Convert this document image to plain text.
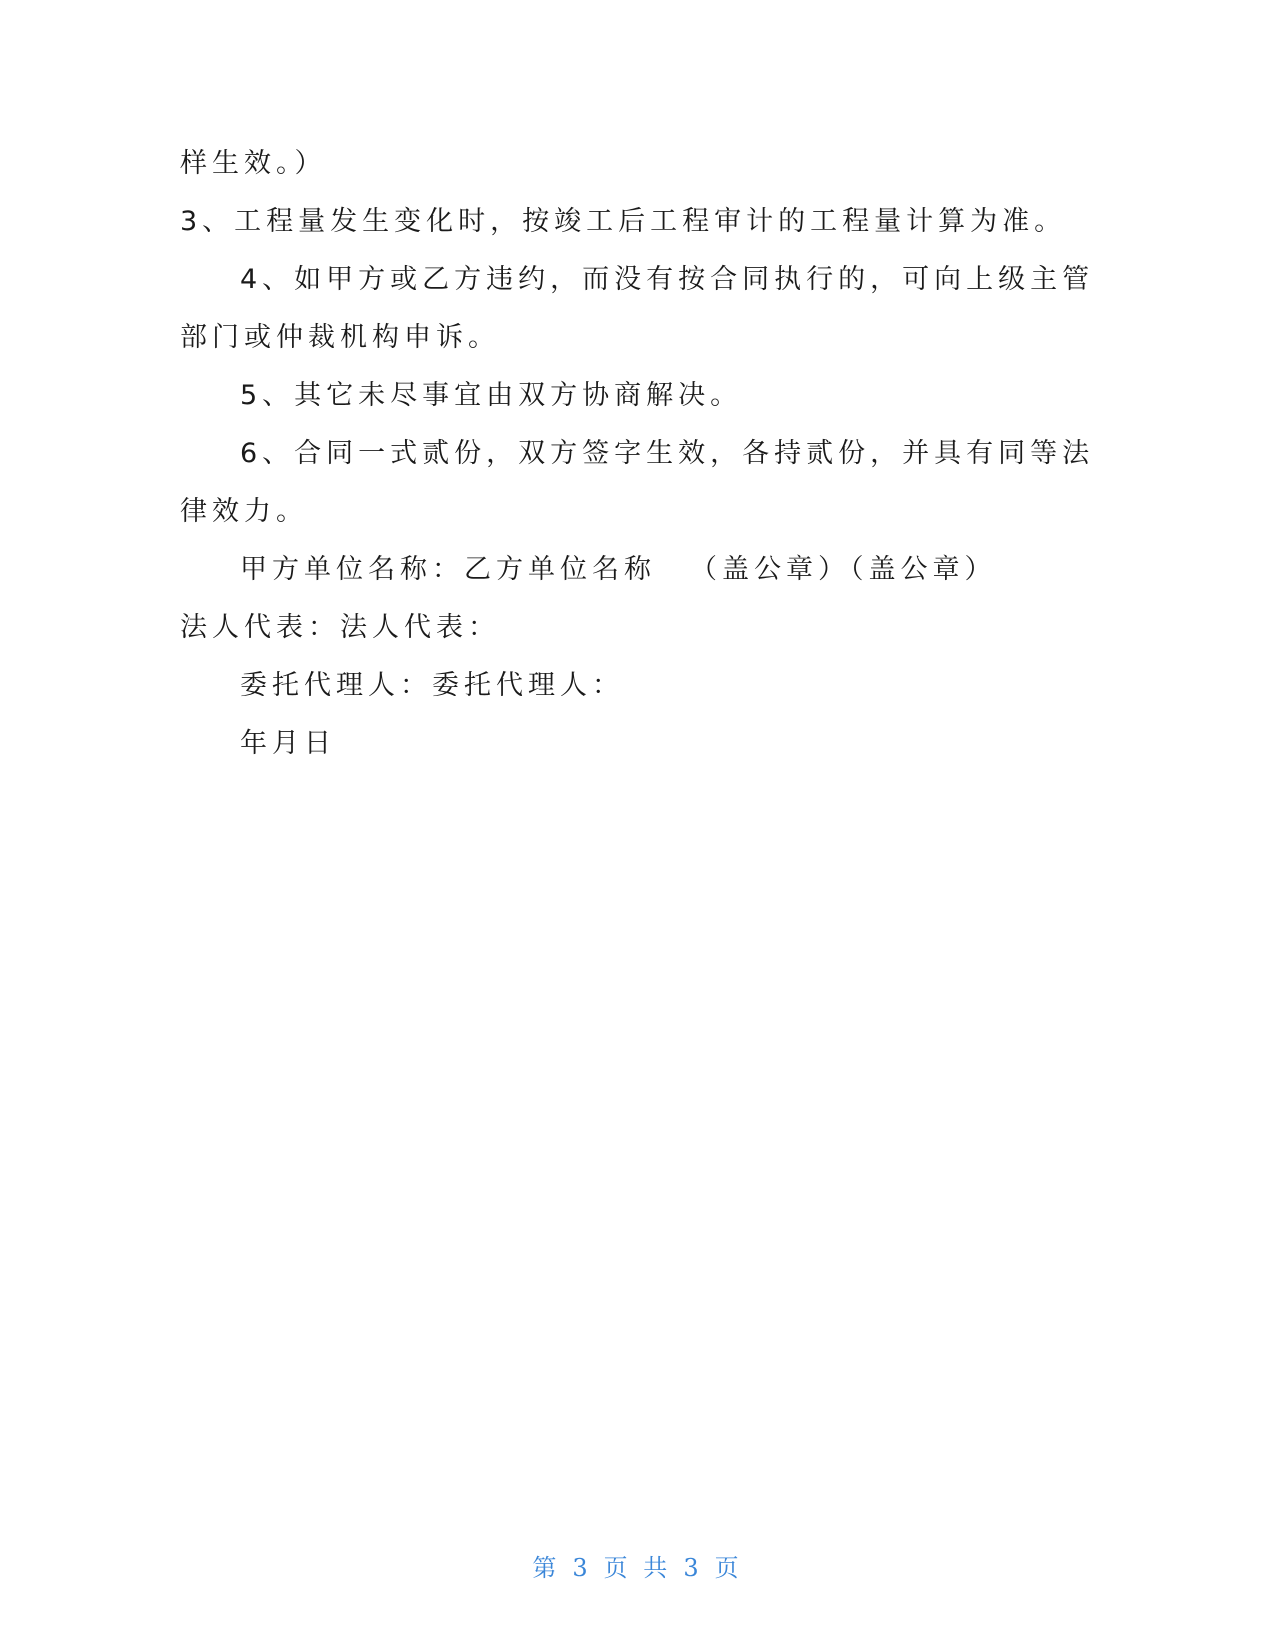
样生效。）
3、工程量发生变化时，按竣工后工程审计的工程量计算为准。
4、如甲方或乙方违约，而没有按合同执行的，可向上级主管
部门或仲裁机构申诉。
5、其它未尽事宜由双方协商解决。
6、合同一式贰份，双方签字生效，各持贰份，并具有同等法
律效力。
甲方单位名称：乙方单位名称 （盖公章）（盖公章）
法人代表：法人代表：
委托代理人：委托代理人：
年月日
第 3 页 共 3 页
